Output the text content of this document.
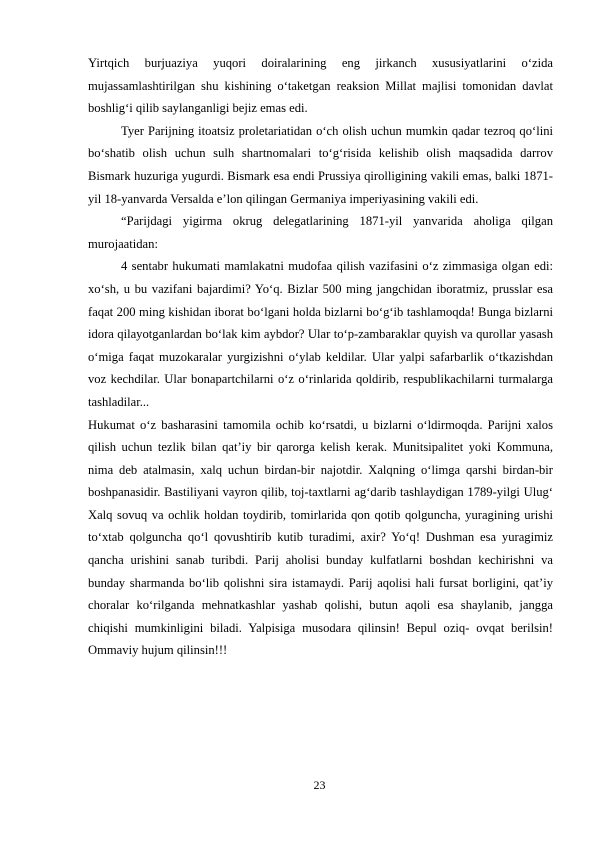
Yirtqich burjuaziya yuqori doiralarining eng jirkanch xususiyatlarini o‘zida mujassamlashtirilgan shu kishining o‘taketgan reaksion Millat majlisi tomonidan davlat boshlig‘i qilib saylanganligi bejiz emas edi.

Tyer Parijning itoatsiz proletariatidan o‘ch olish uchun mumkin qadar tezroq qo‘lini bo‘shatib olish uchun sulh shartnomalari to‘g‘risida kelishib olish maqsadida darrov Bismark huzuriga yugurdi. Bismark esa endi Prussiya qirolligining vakili emas, balki 1871-yil 18-yanvarda Versalda e’lon qilingan Germaniya imperiyasining vakili edi.

“Parijdagi yigirma okrug delegatlarining 1871-yil yanvarida aholiga qilgan murojaatidan:

4 sentabr hukumati mamlakatni mudofaa qilish vazifasini o‘z zimmasiga olgan edi: xo‘sh, u bu vazifani bajardimi? Yo‘q. Bizlar 500 ming jangchidan iboratmiz, prusslar esa faqat 200 ming kishidan iborat bo‘lgani holda bizlarni bo‘g‘ib tashlamoqda! Bunga bizlarni idora qilayotganlardan bo‘lak kim aybdor? Ular to‘p-zambaraklar quyish va qurollar yasash o‘miga faqat muzokaralar yurgizishni o‘ylab keldilar. Ular yalpi safarbarlik o‘tkazishdan voz kechdilar. Ular bonapartchilarni o‘z o‘rinlarida qoldirib, respublikachilarni turmalarga tashladilar...

Hukumat o‘z basharasini tamomila ochib ko‘rsatdi, u bizlarni o‘ldirmoqda. Parijni xalos qilish uchun tezlik bilan qat’iy bir qarorga kelish kerak. Munitsipalitet yoki Kommuna, nima deb atalmasin, xalq uchun birdan-bir najotdir. Xalqning o‘limga qarshi birdan-bir boshpanasidir. Bastiliyani vayron qilib, toj-taxtlarni ag‘darib tashlaydigan 1789-yilgi Ulug‘ Xalq sovuq va ochlik holdan toydirib, tomirlarida qon qotib qolguncha, yuragining urishi to‘xtab qolguncha qo‘l qovushtirib kutib turadimi, axir? Yo‘q! Dushman esa yuragimiz qancha urishini sanab turibdi. Parij aholisi bunday kulfatlarni boshdan kechirishni va bunday sharmanda bo‘lib qolishni sira istamaydi. Parij aqolisi hali fursat borligini, qat’iy choralar ko‘rilganda mehnatkashlar yashab qolishi, butun aqoli esa shaylanib, jangga chiqishi mumkinligini biladi. Yalpisiga musodara qilinsin! Bepul oziq- ovqat berilsin! Ommaviy hujum qilinsin!!!

23
